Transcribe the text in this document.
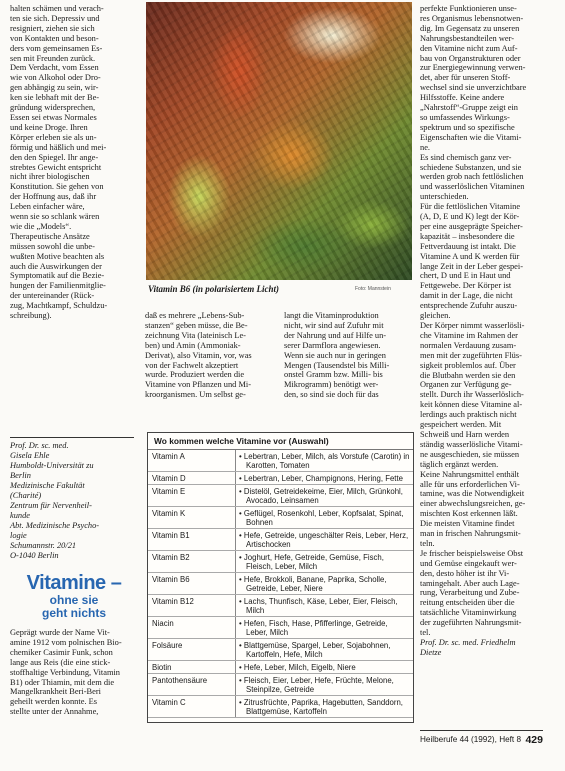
halten schämen und verach-
ten sie sich. Depressiv und
resigniert, ziehen sie sich
von Kontakten und beson-
ders vom gemeinsamen Es-
sen mit Freunden zurück.
Dem Verdacht, vom Essen
wie von Alkohol oder Dro-
gen abhängig zu sein, wir-
ken sie lebhaft mit der Be-
gründung widersprechen,
Essen sei etwas Normales
und keine Droge. Ihren
Körper erleben sie als un-
förmig und häßlich und mei-
den den Spiegel. Ihr ange-
strebtes Gewicht entspricht
nicht ihrer biologischen
Konstitution. Sie gehen von
der Hoffnung aus, daß ihr
Leben einfacher wäre,
wenn sie so schlank wären
wie die „Models“.

Therapeutische Ansätze
müssen sowohl die unbe-
wußten Motive beachten als
auch die Auswirkungen der
Symptomatik auf die Bezie-
hungen der Familienmitglie-
der untereinander (Rück-
zug, Machtkampf, Schuldzu-
schreibung).

Prof. Dr. sc. med.
Gisela Ehle
Humboldt-Universität zu
Berlin
Medizinische Fakultät
(Charité)
Zentrum für Nervenheil-
kunde
Abt. Medizinische Psycho-
logie
Schumannstr. 20/21
O-1040 Berlin
Vitamine –
ohne sie
geht nichts

Geprägt wurde der Name Vit-
amine 1912 vom polnischen Bio-
chemiker Casimir Funk, schon
lange aus Reis (die eine stick-
stoffhaltige Verbindung, Vitamin
B1) oder Thiamin, mit dem die
Mangelkrankheit Beri-Beri
geheilt werden konnte. Es
stellte unter der Annahme,

Vitamin B6 (in polarisiertem Licht)	Foto: Mannstein

daß es mehrere „Lebens-Sub-
stanzen“ geben müsse, die Be-
zeichnung Vita (lateinisch Le-
ben) und Amin (Ammoniak-
Derivat), also Vitamin, vor, was
von der Fachwelt akzeptiert
wurde. Produziert werden die
Vitamine von Pflanzen und Mi-
kroorganismen. Um selbst ge-

langt die Vitaminproduktion
nicht, wir sind auf Zufuhr mit
der Nahrung und auf Hilfe un-
serer Darmflora angewiesen.
Wenn sie auch nur in geringen
Mengen (Tausendstel bis Milli-
onstel Gramm bzw. Milli- bis
Mikrogramm) benötigt wer-
den, so sind sie doch für das

Wo kommen welche Vitamine vor (Auswahl)
Vitamin A	• Lebertran, Leber, Milch, als Vorstufe (Carotin) in Karotten, Tomaten
Vitamin D	• Lebertran, Leber, Champignons, Hering, Fette
Vitamin E	• Distelöl, Getreidekeime, Eier, Milch, Grünkohl, Avocado, Leinsamen
Vitamin K	• Geflügel, Rosenkohl, Leber, Kopfsalat, Spinat, Bohnen
Vitamin B1	• Hefe, Getreide, ungeschälter Reis, Leber, Herz, Artischocken
Vitamin B2	• Joghurt, Hefe, Getreide, Gemüse, Fisch, Fleisch, Leber, Milch
Vitamin B6	• Hefe, Brokkoli, Banane, Paprika, Scholle, Getreide, Leber, Niere
Vitamin B12	• Lachs, Thunfisch, Käse, Leber, Eier, Fleisch, Milch
Niacin	• Hefen, Fisch, Hase, Pfifferlinge, Getreide, Leber, Milch
Folsäure	• Blattgemüse, Spargel, Leber, Sojabohnen, Kartoffeln, Hefe, Milch
Biotin	• Hefe, Leber, Milch, Eigelb, Niere
Pantothensäure	• Fleisch, Eier, Leber, Hefe, Früchte, Melone, Steinpilze, Getreide
Vitamin C	• Zitrusfrüchte, Paprika, Hagebutten, Sanddorn, Blattgemüse, Kartoffeln

perfekte Funktionieren unse-
res Organismus lebensnotwen-
dig. Im Gegensatz zu unseren
Nahrungsbestandteilen wer-
den Vitamine nicht zum Auf-
bau von Organstrukturen oder
zur Energiegewinnung verwen-
det, aber für unseren Stoff-
wechsel sind sie unverzichtbare
Hilfsstoffe. Keine andere
„Nahrstoff“-Gruppe zeigt ein
so umfassendes Wirkungs-
spektrum und so spezifische
Eigenschaften wie die Vitami-
ne.

Es sind chemisch ganz ver-
schiedene Substanzen, und sie
werden grob nach fettlöslichen
und wasserlöslichen Vitaminen
unterschieden.

Für die fettlöslichen Vitamine
(A, D, E und K) legt der Kör-
per eine ausgeprägte Speicher-
kapazität – insbesondere die
Fettverdauung ist intakt. Die
Vitamine A und K werden für
lange Zeit in der Leber gespei-
chert, D und E in Haut und
Fettgewebe. Der Körper ist
damit in der Lage, die nicht
entsprechende Zufuhr auszu-
gleichen.

Der Körper nimmt wasserlösli-
che Vitamine im Rahmen der
normalen Verdauung zusam-
men mit der zugeführten Flüs-
sigkeit problemlos auf. Über
die Blutbahn werden sie den
Organen zur Verfügung ge-
stellt. Durch ihr Wasserlöslich-
keit können diese Vitamine al-
lerdings auch praktisch nicht
gespeichert werden. Mit
Schweiß und Harn werden
ständig wasserlösliche Vitami-
ne ausgeschieden, sie müssen
täglich ergänzt werden.

Keine Nahrungsmittel enthält
alle für uns erforderlichen Vi-
tamine, was die Notwendigkeit
einer abwechslungsreichen, ge-
mischten Kost erkennen läßt.
Die meisten Vitamine findet
man in frischen Nahrungsmit-
teln.

Je frischer beispielsweise Obst
und Gemüse eingekauft wer-
den, desto höher ist ihr Vi-
tamingehalt. Aber auch Lage-
rung, Verarbeitung und Zube-
reitung entscheiden über die
tatsächliche Vitaminwirkung
der zugeführten Nahrungsmit-
tel.

Prof. Dr. sc. med. Friedhelm
Dietze

Heilberufe 44 (1992), Heft 8 429
